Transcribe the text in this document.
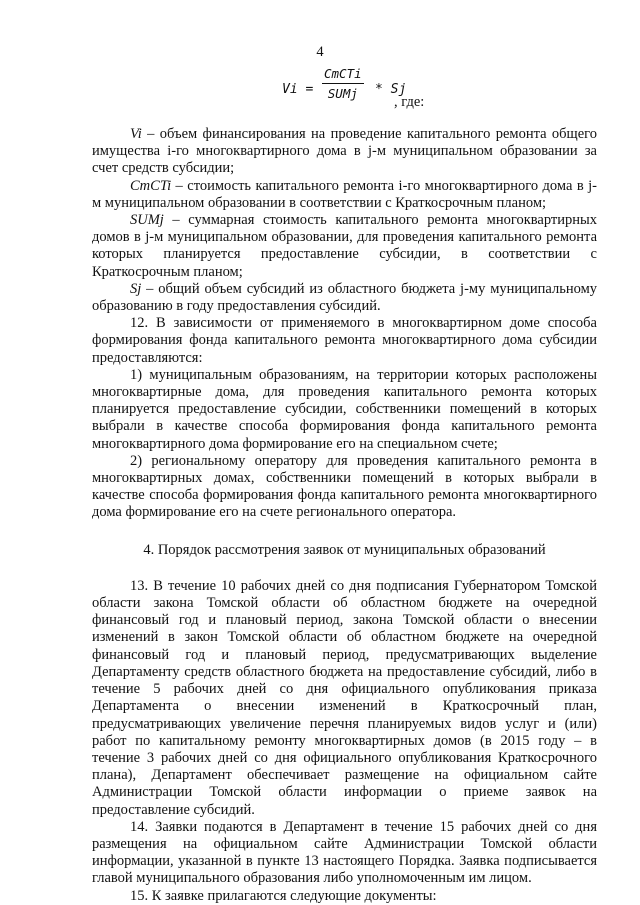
4
Vi =
CmCTi
SUMj	* Sj
, где:

Vi – объем финансирования на проведение капитального ремонта общего имущества i-го многоквартирного дома в j-м муниципальном образовании за счет средств субсидии;

CmCTi – стоимость капитального ремонта i-го многоквартирного дома в j-м муниципальном образовании в соответствии с Краткосрочным планом;

SUMj – суммарная стоимость капитального ремонта многоквартирных домов в j-м муниципальном образовании, для проведения капитального ремонта которых планируется предоставление субсидии, в соответствии с Краткосрочным планом;

Sj – общий объем субсидий из областного бюджета j-му муниципальному образованию в году предоставления субсидий.

12. В зависимости от применяемого в многоквартирном доме способа формирования фонда капитального ремонта многоквартирного дома субсидии предоставляются:

1) муниципальным образованиям, на территории которых расположены многоквартирные дома, для проведения капитального ремонта которых планируется предоставление субсидии, собственники помещений в которых выбрали в качестве способа формирования фонда капитального ремонта многоквартирного дома формирование его на специальном счете;

2) региональному оператору для проведения капитального ремонта в многоквартирных домах, собственники помещений в которых выбрали в качестве способа формирования фонда капитального ремонта многоквартирного дома формирование его на счете регионального оператора.

4. Порядок рассмотрения заявок от муниципальных образований

13. В течение 10 рабочих дней со дня подписания Губернатором Томской области закона Томской области об областном бюджете на очередной финансовый год и плановый период, закона Томской области о внесении изменений в закон Томской области об областном бюджете на очередной финансовый год и плановый период, предусматривающих выделение Департаменту средств областного бюджета на предоставление субсидий, либо в течение 5 рабочих дней со дня официального опубликования приказа Департамента о внесении изменений в Краткосрочный план, предусматривающих увеличение перечня планируемых видов услуг и (или) работ по капитальному ремонту многоквартирных домов (в 2015 году – в течение 3 рабочих дней со дня официального опубликования Краткосрочного плана), Департамент обеспечивает размещение на официальном сайте Администрации Томской области информации о приеме заявок на предоставление субсидий.

14. Заявки подаются в Департамент в течение 15 рабочих дней со дня размещения на официальном сайте Администрации Томской области информации, указанной в пункте 13 настоящего Порядка. Заявка подписывается главой муниципального образования либо уполномоченным им лицом.

15. К заявке прилагаются следующие документы:
